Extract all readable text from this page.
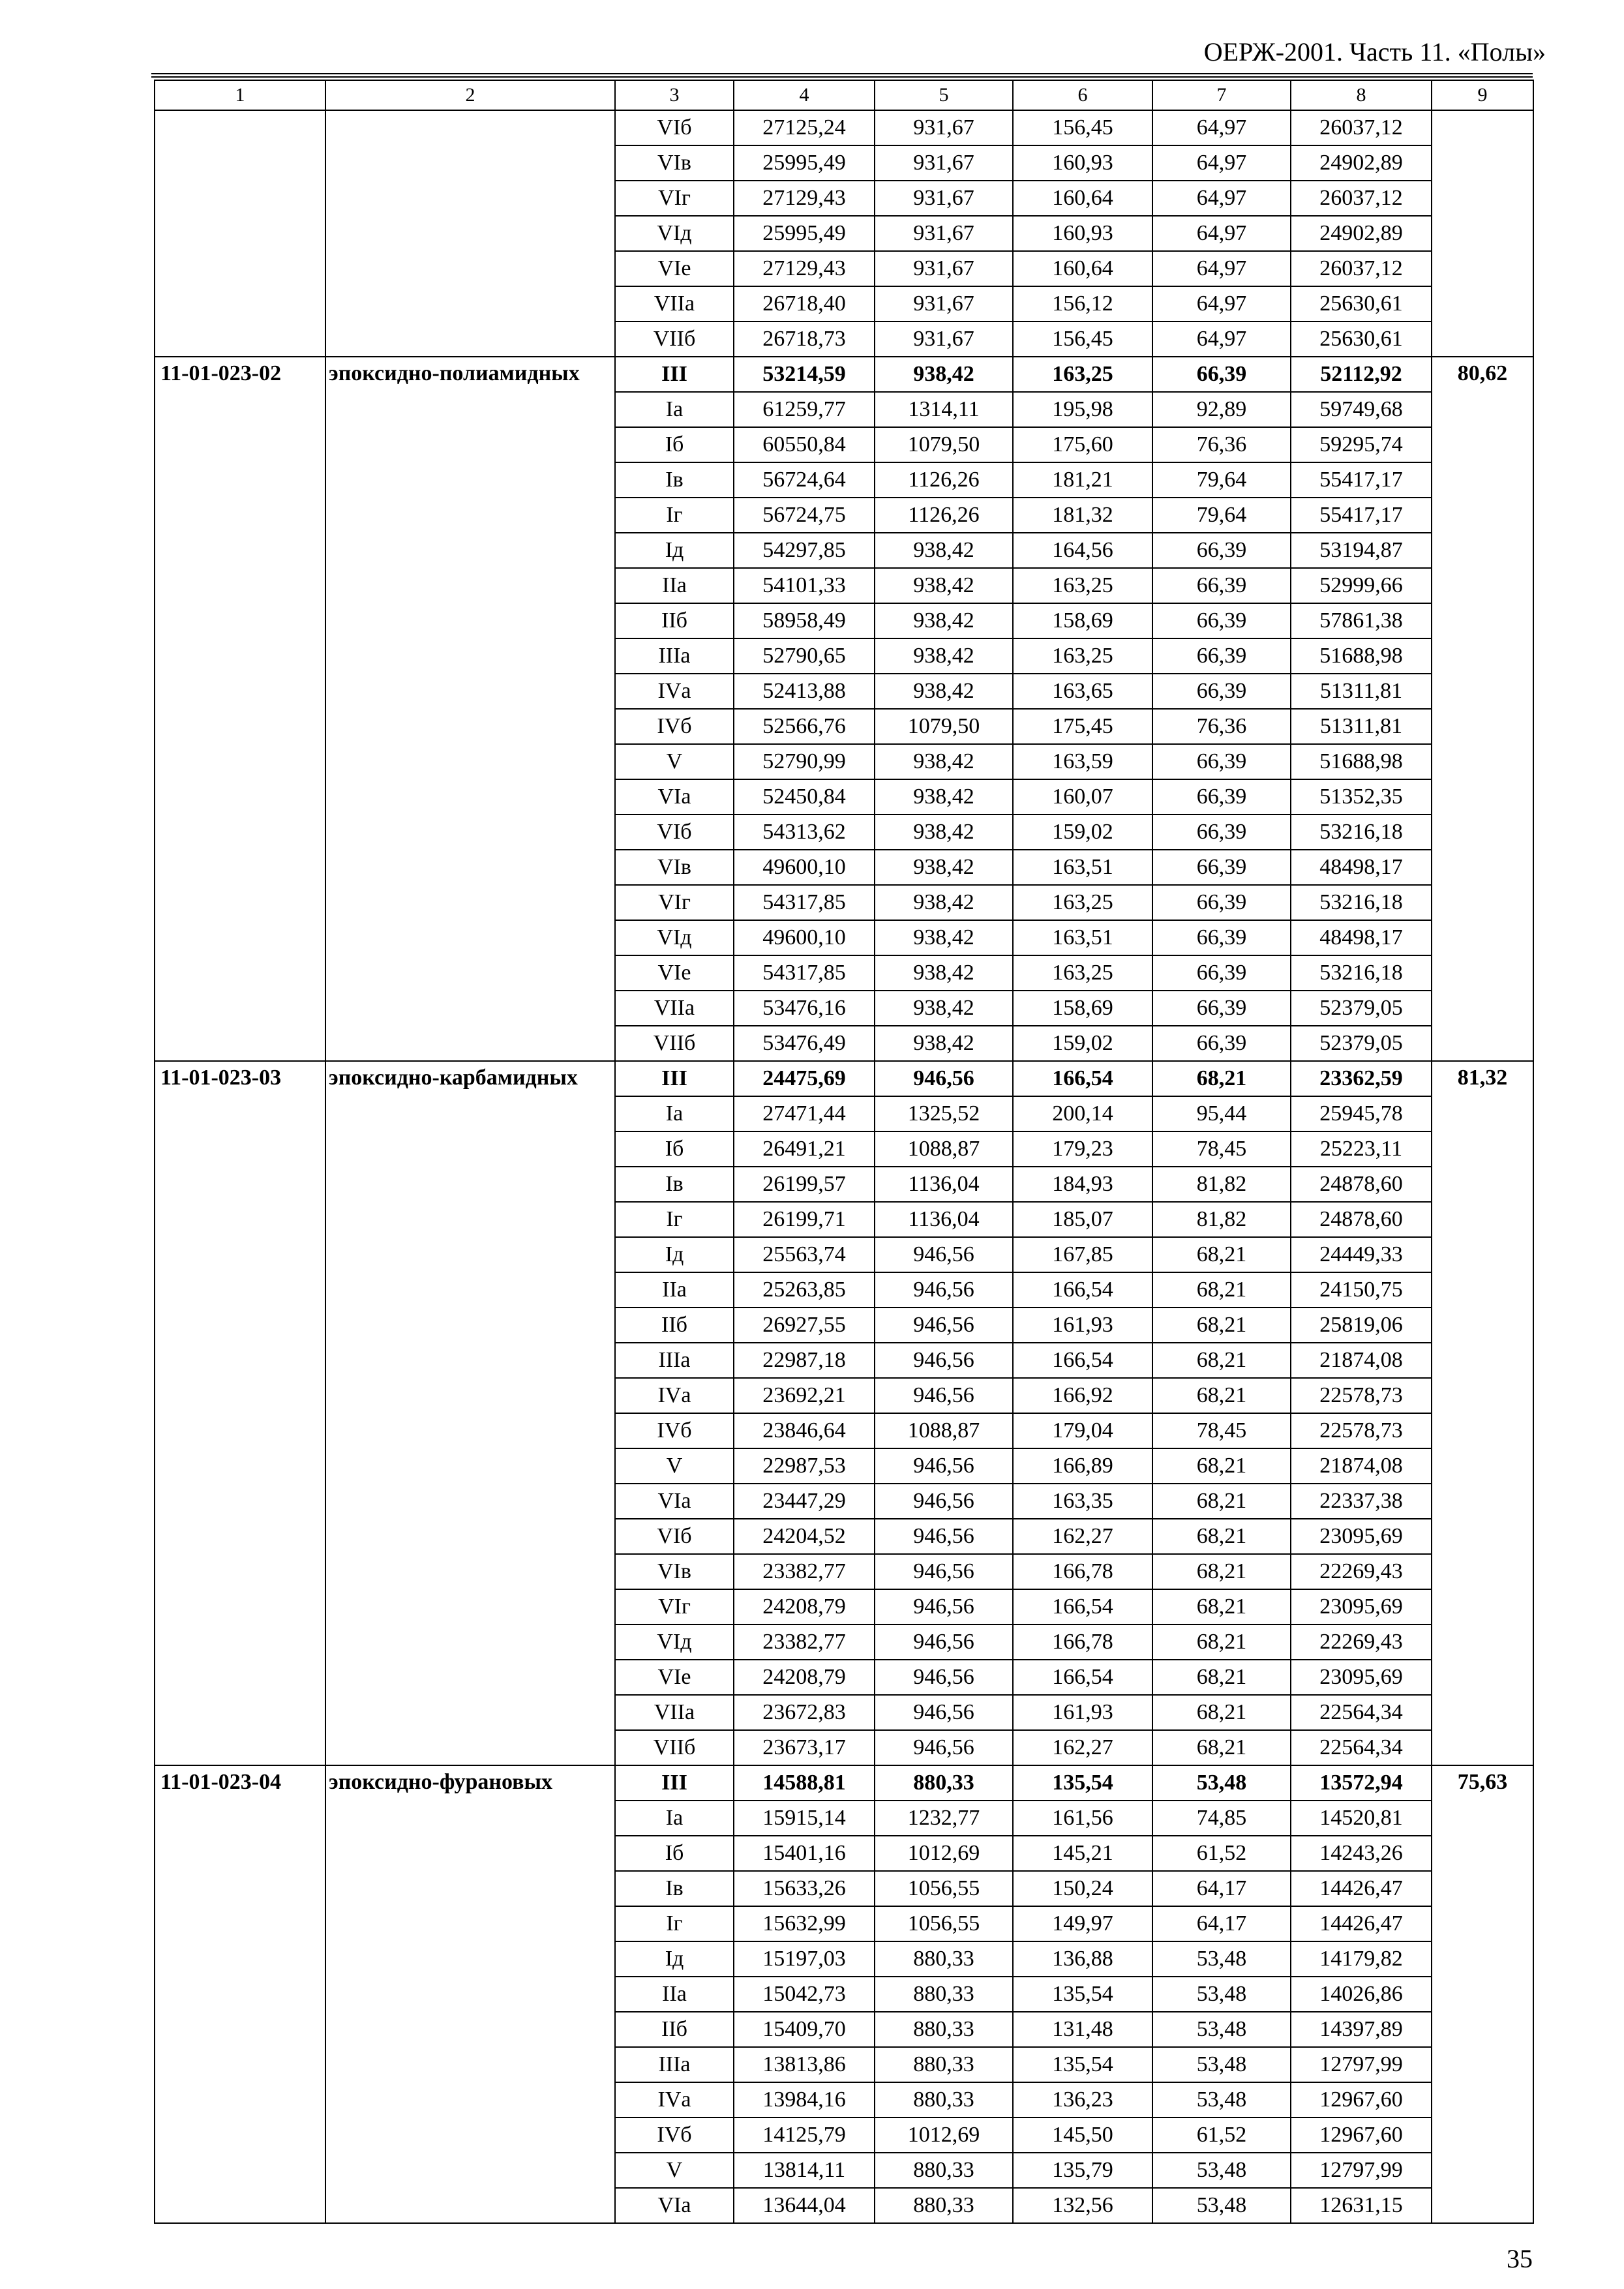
ОЕРЖ-2001. Часть 11. «Полы»
1	2	3	4	5	6	7	8	9
		VIб	27125,24	931,67	156,45	64,97	26037,12	
		VIв	25995,49	931,67	160,93	64,97	24902,89	
		VIг	27129,43	931,67	160,64	64,97	26037,12	
		VIд	25995,49	931,67	160,93	64,97	24902,89	
		VIе	27129,43	931,67	160,64	64,97	26037,12	
		VIIа	26718,40	931,67	156,12	64,97	25630,61	
		VIIб	26718,73	931,67	156,45	64,97	25630,61	
11-01-023-02	эпоксидно-полиамидных	III	53214,59	938,42	163,25	66,39	52112,92	80,62
		Iа	61259,77	1314,11	195,98	92,89	59749,68	
		Iб	60550,84	1079,50	175,60	76,36	59295,74	
		Iв	56724,64	1126,26	181,21	79,64	55417,17	
		Iг	56724,75	1126,26	181,32	79,64	55417,17	
		Iд	54297,85	938,42	164,56	66,39	53194,87	
		IIа	54101,33	938,42	163,25	66,39	52999,66	
		IIб	58958,49	938,42	158,69	66,39	57861,38	
		IIIа	52790,65	938,42	163,25	66,39	51688,98	
		IVа	52413,88	938,42	163,65	66,39	51311,81	
		IVб	52566,76	1079,50	175,45	76,36	51311,81	
		V	52790,99	938,42	163,59	66,39	51688,98	
		VIа	52450,84	938,42	160,07	66,39	51352,35	
		VIб	54313,62	938,42	159,02	66,39	53216,18	
		VIв	49600,10	938,42	163,51	66,39	48498,17	
		VIг	54317,85	938,42	163,25	66,39	53216,18	
		VIд	49600,10	938,42	163,51	66,39	48498,17	
		VIе	54317,85	938,42	163,25	66,39	53216,18	
		VIIа	53476,16	938,42	158,69	66,39	52379,05	
		VIIб	53476,49	938,42	159,02	66,39	52379,05	
11-01-023-03	эпоксидно-карбамидных	III	24475,69	946,56	166,54	68,21	23362,59	81,32
		Iа	27471,44	1325,52	200,14	95,44	25945,78	
		Iб	26491,21	1088,87	179,23	78,45	25223,11	
		Iв	26199,57	1136,04	184,93	81,82	24878,60	
		Iг	26199,71	1136,04	185,07	81,82	24878,60	
		Iд	25563,74	946,56	167,85	68,21	24449,33	
		IIа	25263,85	946,56	166,54	68,21	24150,75	
		IIб	26927,55	946,56	161,93	68,21	25819,06	
		IIIа	22987,18	946,56	166,54	68,21	21874,08	
		IVа	23692,21	946,56	166,92	68,21	22578,73	
		IVб	23846,64	1088,87	179,04	78,45	22578,73	
		V	22987,53	946,56	166,89	68,21	21874,08	
		VIа	23447,29	946,56	163,35	68,21	22337,38	
		VIб	24204,52	946,56	162,27	68,21	23095,69	
		VIв	23382,77	946,56	166,78	68,21	22269,43	
		VIг	24208,79	946,56	166,54	68,21	23095,69	
		VIд	23382,77	946,56	166,78	68,21	22269,43	
		VIе	24208,79	946,56	166,54	68,21	23095,69	
		VIIа	23672,83	946,56	161,93	68,21	22564,34	
		VIIб	23673,17	946,56	162,27	68,21	22564,34	
11-01-023-04	эпоксидно-фурановых	III	14588,81	880,33	135,54	53,48	13572,94	75,63
		Iа	15915,14	1232,77	161,56	74,85	14520,81	
		Iб	15401,16	1012,69	145,21	61,52	14243,26	
		Iв	15633,26	1056,55	150,24	64,17	14426,47	
		Iг	15632,99	1056,55	149,97	64,17	14426,47	
		Iд	15197,03	880,33	136,88	53,48	14179,82	
		IIа	15042,73	880,33	135,54	53,48	14026,86	
		IIб	15409,70	880,33	131,48	53,48	14397,89	
		IIIа	13813,86	880,33	135,54	53,48	12797,99	
		IVа	13984,16	880,33	136,23	53,48	12967,60	
		IVб	14125,79	1012,69	145,50	61,52	12967,60	
		V	13814,11	880,33	135,79	53,48	12797,99	
		VIа	13644,04	880,33	132,56	53,48	12631,15	
35
